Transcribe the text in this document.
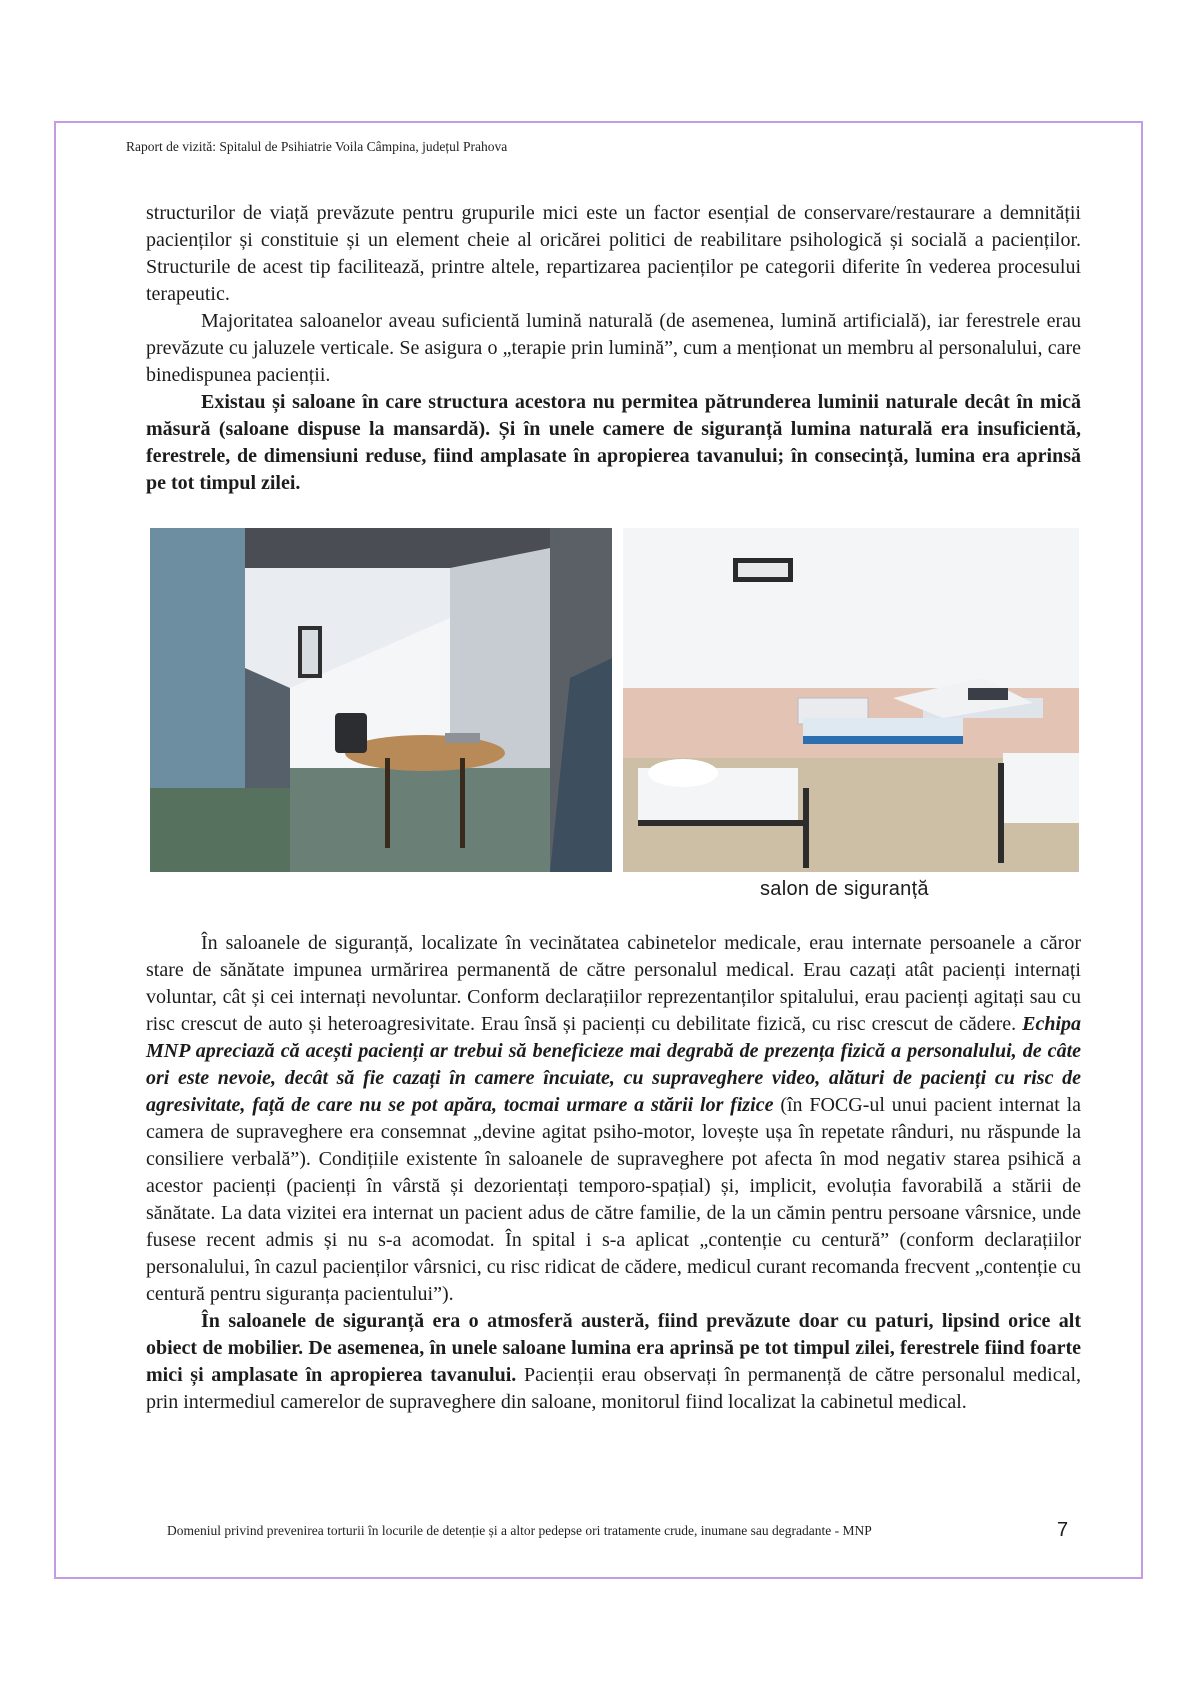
Raport de vizită: Spitalul de Psihiatrie Voila Câmpina, județul Prahova

structurilor de viață prevăzute pentru grupurile mici este un factor esențial de conservare/restaurare a demnității pacienților și constituie și un element cheie al oricărei politici de reabilitare psihologică și socială a pacienților. Structurile de acest tip facilitează, printre altele, repartizarea pacienților pe categorii diferite în vederea procesului terapeutic.

Majoritatea saloanelor aveau suficientă lumină naturală (de asemenea, lumină artificială), iar ferestrele erau prevăzute cu jaluzele verticale. Se asigura o „terapie prin lumină”, cum a menționat un membru al personalului, care binedispunea pacienții.

Existau și saloane în care structura acestora nu permitea pătrunderea luminii naturale decât în mică măsură (saloane dispuse la mansardă). Și în unele camere de siguranță lumina naturală era insuficientă, ferestrele, de dimensiuni reduse, fiind amplasate în apropierea tavanului; în consecință, lumina era aprinsă pe tot timpul zilei.

salon de siguranță

În saloanele de siguranță, localizate în vecinătatea cabinetelor medicale, erau internate persoanele a căror stare de sănătate impunea urmărirea permanentă de către personalul medical. Erau cazați atât pacienți internați voluntar, cât și cei internați nevoluntar. Conform declarațiilor reprezentanților spitalului, erau pacienți agitați sau cu risc crescut de auto și heteroagresivitate. Erau însă și pacienți cu debilitate fizică, cu risc crescut de cădere. Echipa MNP apreciază că acești pacienți ar trebui să beneficieze mai degrabă de prezența fizică a personalului, de câte ori este nevoie, decât să fie cazați în camere încuiate, cu supraveghere video, alături de pacienți cu risc de agresivitate, față de care nu se pot apăra, tocmai urmare a stării lor fizice (în FOCG-ul unui pacient internat la camera de supraveghere era consemnat „devine agitat psiho-motor, lovește ușa în repetate rânduri, nu răspunde la consiliere verbală”). Condițiile existente în saloanele de supraveghere pot afecta în mod negativ starea psihică a acestor pacienți (pacienți în vârstă și dezorientați temporo-spațial) și, implicit, evoluția favorabilă a stării de sănătate. La data vizitei era internat un pacient adus de către familie, de la un cămin pentru persoane vârsnice, unde fusese recent admis și nu s-a acomodat. În spital i s-a aplicat „contenție cu centură” (conform declarațiilor personalului, în cazul pacienților vârsnici, cu risc ridicat de cădere, medicul curant recomanda frecvent „contenție cu centură pentru siguranța pacientului”).

În saloanele de siguranță era o atmosferă austeră, fiind prevăzute doar cu paturi, lipsind orice alt obiect de mobilier. De asemenea, în unele saloane lumina era aprinsă pe tot timpul zilei, ferestrele fiind foarte mici și amplasate în apropierea tavanului. Pacienții erau observați în permanență de către personalul medical, prin intermediul camerelor de supraveghere din saloane, monitorul fiind localizat la cabinetul medical.

Domeniul privind prevenirea torturii în locurile de detenție și a altor pedepse ori tratamente crude, inumane sau degradante - MNP	7
